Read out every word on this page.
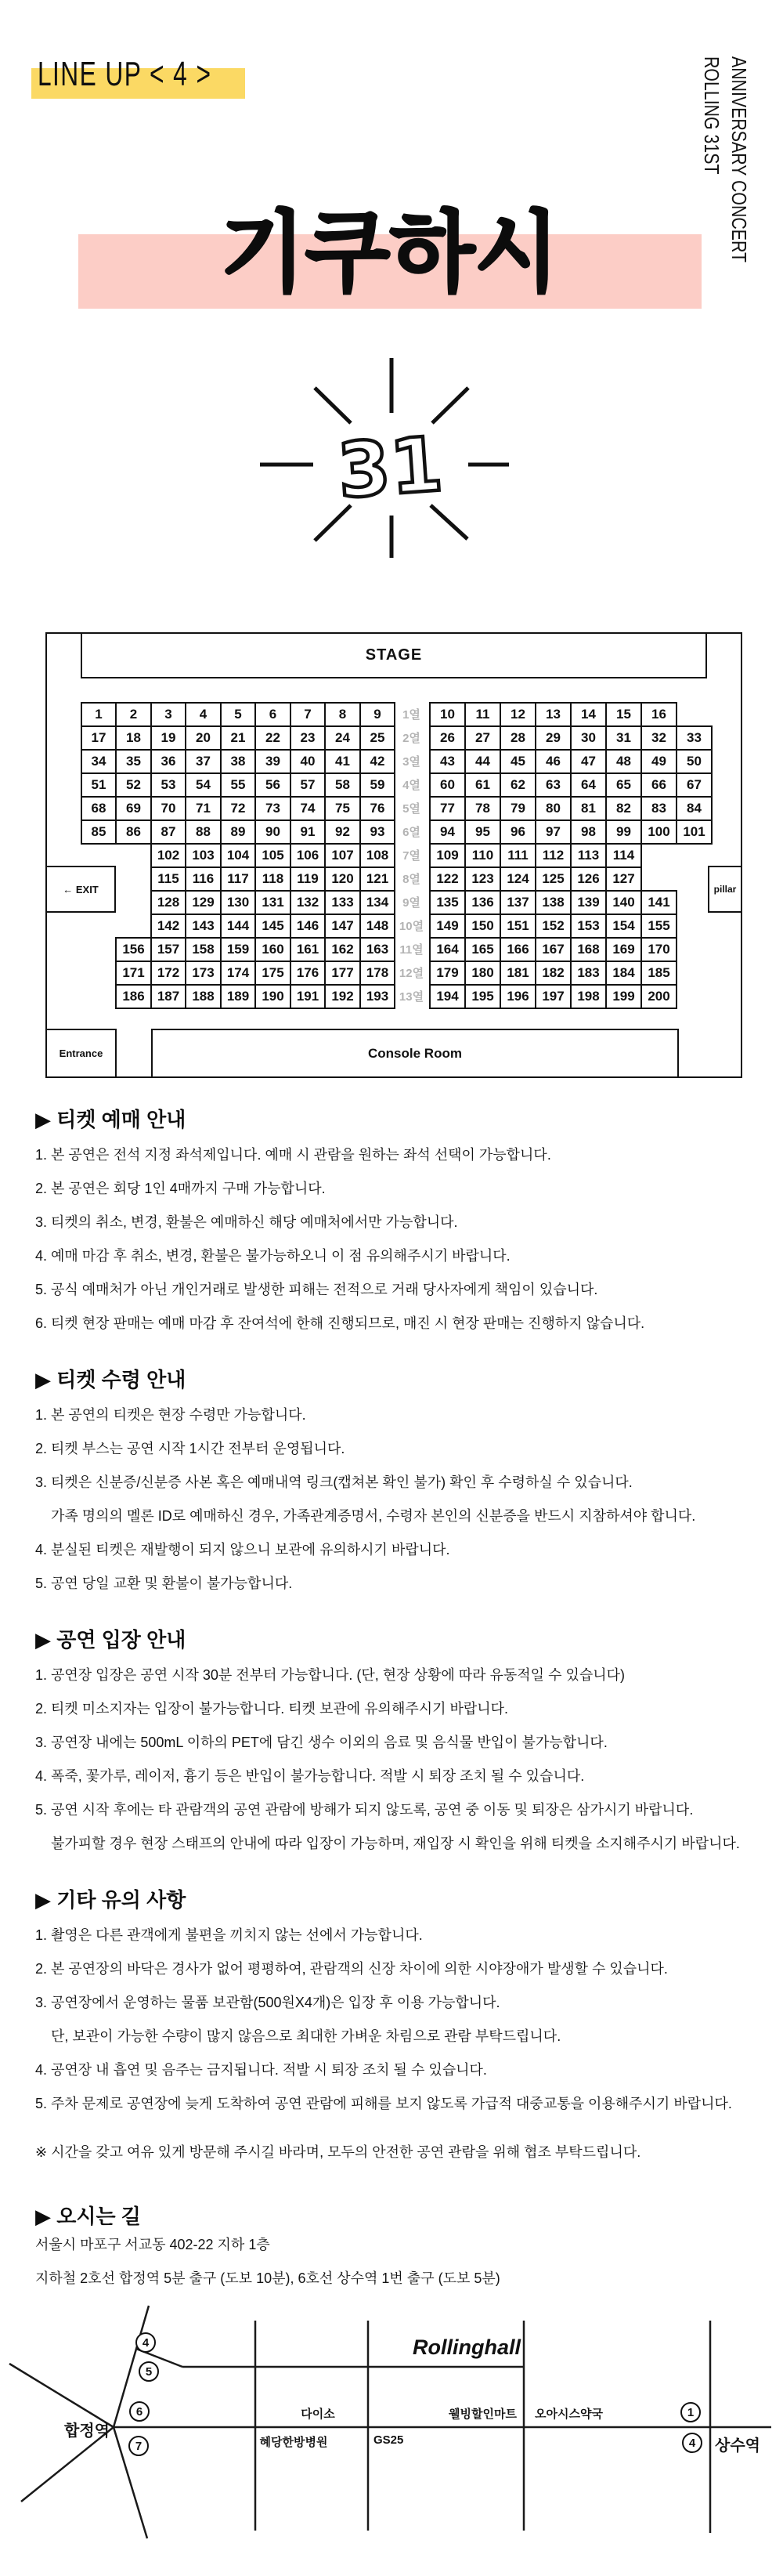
LINE UP < 4 >	ROLLING 31ST ANNIVERSARY CONCERT
기쿠하시
31
STAGE
1열
1	2	3	4	5	6	7	8	9	10	11	12	13	14	15	16
2열
17	18	19	20	21	22	23	24	25	26	27	28	29	30	31	32	33
3열
34	35	36	37	38	39	40	41	42	43	44	45	46	47	48	49	50
4열
51	52	53	54	55	56	57	58	59	60	61	62	63	64	65	66	67
5열
68	69	70	71	72	73	74	75	76	77	78	79	80	81	82	83	84
6열
85	86	87	88	89	90	91	92	93	94	95	96	97	98	99	100 101
7열
102 103 104 105 106 107 108	109	110	111	112	113	114
8열
115	116	117	118	119 120 121	122 123 124 125 126 127
9열
128 129 130 131 132 133 134	135 136 137 138 139 140 141
10열
142 143 144 145 146 147 148	149 150 151 152 153 154 155
11열
156 157 158 159 160 161 162 163	164 165 166 167 168 169 170
12열
171 172 173 174 175 176 177 178	179 180 181 182 183 184 185
13열
186 187 188 189 190 191 192 193	194 195 196 197 198 199 200
← EXIT	pillar
Entrance	Console Room
▶ 티켓 예매 안내

1. 본 공연은 전석 지정 좌석제입니다. 예매 시 관람을 원하는 좌석 선택이 가능합니다.

2. 본 공연은 회당 1인 4매까지 구매 가능합니다.

3. 티켓의 취소, 변경, 환불은 예매하신 해당 예매처에서만 가능합니다.

4. 예매 마감 후 취소, 변경, 환불은 불가능하오니 이 점 유의해주시기 바랍니다.

5. 공식 예매처가 아닌 개인거래로 발생한 피해는 전적으로 거래 당사자에게 책임이 있습니다.

6. 티켓 현장 판매는 예매 마감 후 잔여석에 한해 진행되므로, 매진 시 현장 판매는 진행하지 않습니다.

▶ 티켓 수령 안내

1. 본 공연의 티켓은 현장 수령만 가능합니다.

2. 티켓 부스는 공연 시작 1시간 전부터 운영됩니다.

3. 티켓은 신분증/신분증 사본 혹은 예매내역 링크(캡쳐본 확인 불가) 확인 후 수령하실 수 있습니다.

가족 명의의 멜론 ID로 예매하신 경우, 가족관계증명서, 수령자 본인의 신분증을 반드시 지참하셔야 합니다.

4. 분실된 티켓은 재발행이 되지 않으니 보관에 유의하시기 바랍니다.

5. 공연 당일 교환 및 환불이 불가능합니다.

▶ 공연 입장 안내

1. 공연장 입장은 공연 시작 30분 전부터 가능합니다. (단, 현장 상황에 따라 유동적일 수 있습니다)

2. 티켓 미소지자는 입장이 불가능합니다. 티켓 보관에 유의해주시기 바랍니다.

3. 공연장 내에는 500mL 이하의 PET에 담긴 생수 이외의 음료 및 음식물 반입이 불가능합니다.

4. 폭죽, 꽃가루, 레이저, 흉기 등은 반입이 불가능합니다. 적발 시 퇴장 조치 될 수 있습니다.

5. 공연 시작 후에는 타 관람객의 공연 관람에 방해가 되지 않도록, 공연 중 이동 및 퇴장은 삼가시기 바랍니다.

불가피할 경우 현장 스태프의 안내에 따라 입장이 가능하며, 재입장 시 확인을 위해 티켓을 소지해주시기 바랍니다.

▶ 기타 유의 사항

1. 촬영은 다른 관객에게 불편을 끼치지 않는 선에서 가능합니다.

2. 본 공연장의 바닥은 경사가 없어 평평하여, 관람객의 신장 차이에 의한 시야장애가 발생할 수 있습니다.

3. 공연장에서 운영하는 물품 보관함(500원X4개)은 입장 후 이용 가능합니다.

단, 보관이 가능한 수량이 많지 않음으로 최대한 가벼운 차림으로 관람 부탁드립니다.

4. 공연장 내 흡연 및 음주는 금지됩니다. 적발 시 퇴장 조치 될 수 있습니다.

5. 주차 문제로 공연장에 늦게 도착하여 공연 관람에 피해를 보지 않도록 가급적 대중교통을 이용해주시기 바랍니다.

※ 시간을 갖고 여유 있게 방문해 주시길 바라며, 모두의 안전한 공연 관람을 위해 협조 부탁드립니다.

▶ 오시는 길

서울시 마포구 서교동 402-22 지하 1층

지하철 2호선 합정역 5분 출구 (도보 10분), 6호선 상수역 1번 출구 (도보 5분)

합정역
상수역
Rollinghall
다이소	웰빙할인마트 오아시스약국
혜당한방병원	GS25
4
5
6
7
1
4
